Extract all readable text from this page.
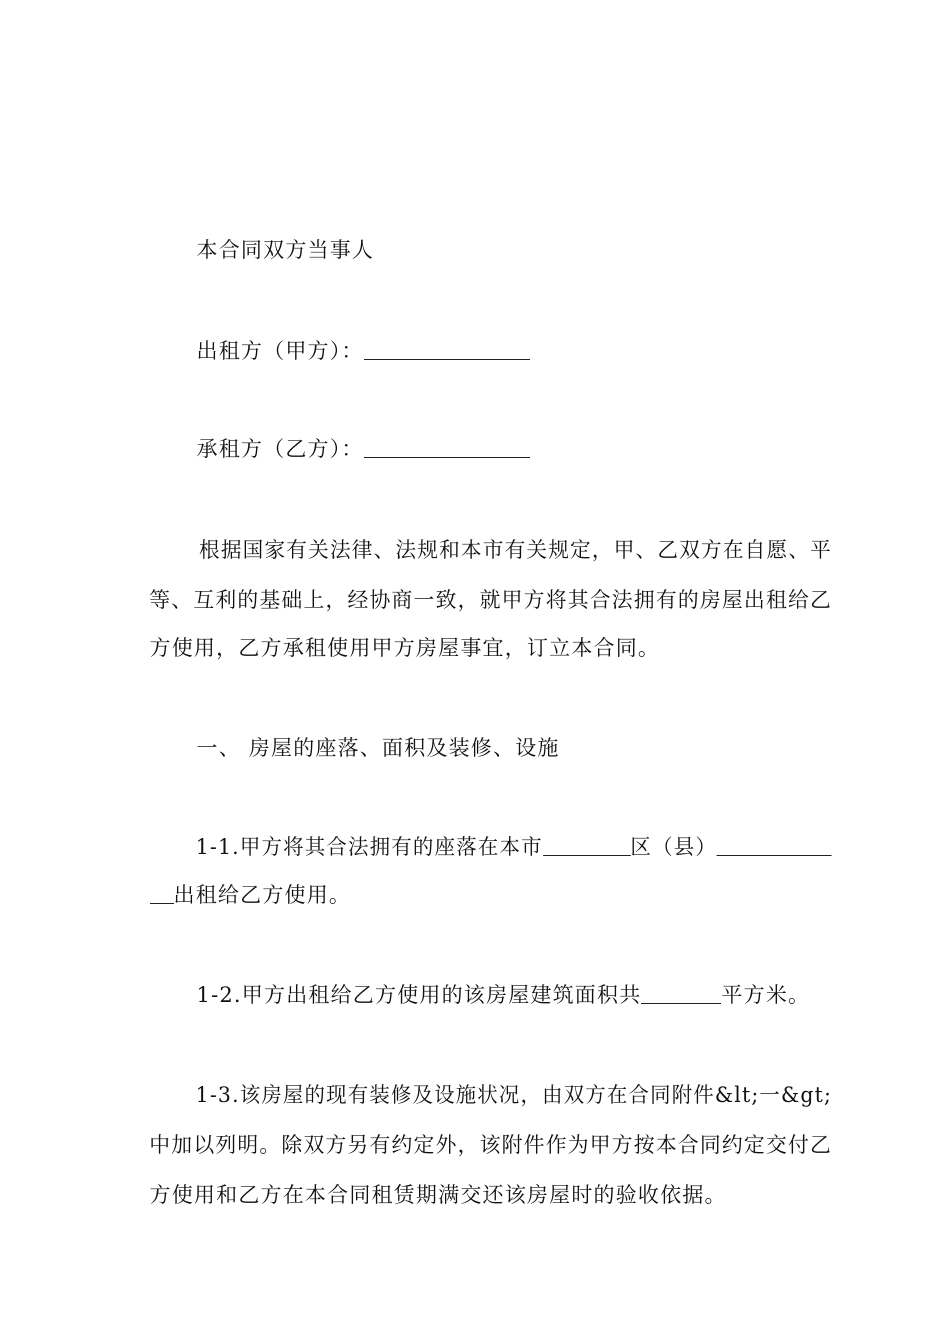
本合同双方当事人

出租方（甲方）：

承租方（乙方）：

根据国家有关法律、法规和本市有关规定，甲、乙双方在自愿、平

等、互利的基础上，经协商一致，就甲方将其合法拥有的房屋出租给乙

方使用，乙方承租使用甲方房屋事宜，订立本合同。

一、 房屋的座落、面积及装修、设施

1-1.甲方将其合法拥有的座落在本市	区（县）

出租给乙方使用。

1-2.甲方出租给乙方使用的该房屋建筑面积共	平方米。

1-3.该房屋的现有装修及设施状况，由双方在合同附件&lt;一&gt;

中加以列明。除双方另有约定外，该附件作为甲方按本合同约定交付乙

方使用和乙方在本合同租赁期满交还该房屋时的验收依据。
